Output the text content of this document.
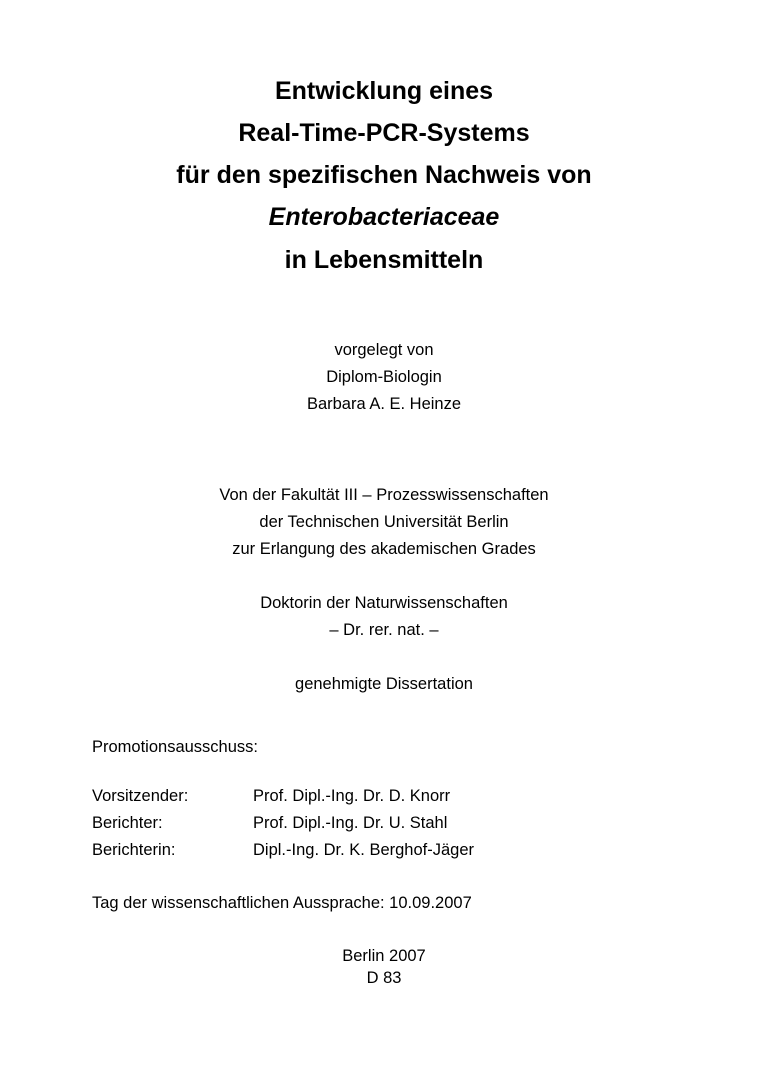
Entwicklung eines
Real-Time-PCR-Systems
für den spezifischen Nachweis von
Enterobacteriaceae
in Lebensmitteln
vorgelegt von
Diplom-Biologin
Barbara A. E. Heinze
Von der Fakultät III – Prozesswissenschaften
der Technischen Universität Berlin
zur Erlangung des akademischen Grades
Doktorin der Naturwissenschaften
– Dr. rer. nat. –
genehmigte Dissertation
Promotionsausschuss:
Vorsitzender:	Prof. Dipl.-Ing. Dr. D. Knorr
Berichter:	Prof. Dipl.-Ing. Dr. U. Stahl
Berichterin:	Dipl.-Ing. Dr. K. Berghof-Jäger
Tag der wissenschaftlichen Aussprache: 10.09.2007
Berlin 2007
D 83
